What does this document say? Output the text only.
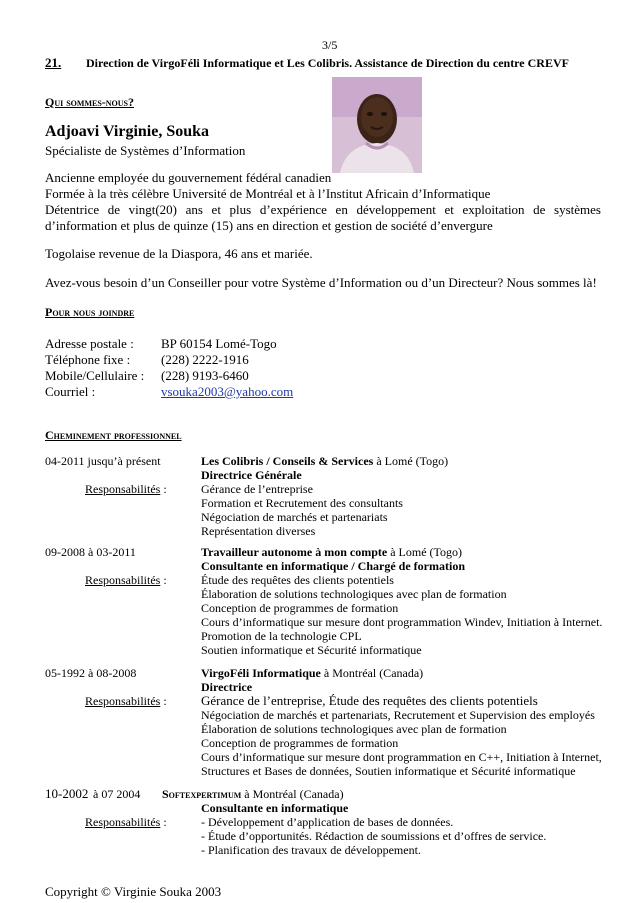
3/5
21. Direction de VirgoFéli Informatique et Les Colibris. Assistance de Direction du centre CREVF
Qui sommes-nous?
Adjoavi Virginie, Souka
Spécialiste de Systèmes d’Information
Ancienne employée du gouvernement fédéral canadien
Formée à la très célèbre Université de Montréal et à l’Institut Africain d’Informatique
Détentrice de vingt(20) ans et plus d’expérience en développement et exploitation de systèmes
d’information et plus de quinze (15) ans en direction et gestion de société d’envergure
Togolaise revenue de la Diaspora, 46 ans et mariée.
Avez-vous besoin d’un Conseiller pour votre Système d’Information ou d’un Directeur? Nous sommes là!
Pour nous joindre
Adresse postale : BP 60154 Lomé-Togo
Téléphone fixe : (228) 2222-1916
Mobile/Cellulaire : (228) 9193-6460
Courriel :	vsouka2003@yahoo.com
Cheminement professionnel
04-2011 jusqu’à présent	Les Colibris / Conseils & Services à Lomé (Togo)
Directrice Générale
Responsabilités :	Gérance de l’entreprise
Formation et Recrutement des consultants
Négociation de marchés et partenariats
Représentation diverses
09-2008 à 03-2011	Travailleur autonome à mon compte à Lomé (Togo)
Consultante en informatique / Chargé de formation
Responsabilités :	Étude des requêtes des clients potentiels
Élaboration de solutions technologiques avec plan de formation
Conception de programmes de formation
Cours d’informatique sur mesure dont programmation Windev, Initiation à Internet.
Promotion de la technologie CPL
Soutien informatique et Sécurité informatique
05-1992 à 08-2008	VirgoFéli Informatique à Montréal (Canada)
Directrice
Responsabilités :	Gérance de l’entreprise, Étude des requêtes des clients potentiels
Négociation de marchés et partenariats, Recrutement et Supervision des employés
Élaboration de solutions technologiques avec plan de formation
Conception de programmes de formation
Cours d’informatique sur mesure dont programmation en C++, Initiation à Internet,
Structures et Bases de données, Soutien informatique et Sécurité informatique
10-2002 à 07 2004 Softexpertimum à Montréal (Canada)
Consultante en informatique
Responsabilités :	- Développement d’application de bases de données.
- Étude d’opportunités. Rédaction de soumissions et d’offres de service.
- Planification des travaux de développement.
Copyright © Virginie Souka 2003
